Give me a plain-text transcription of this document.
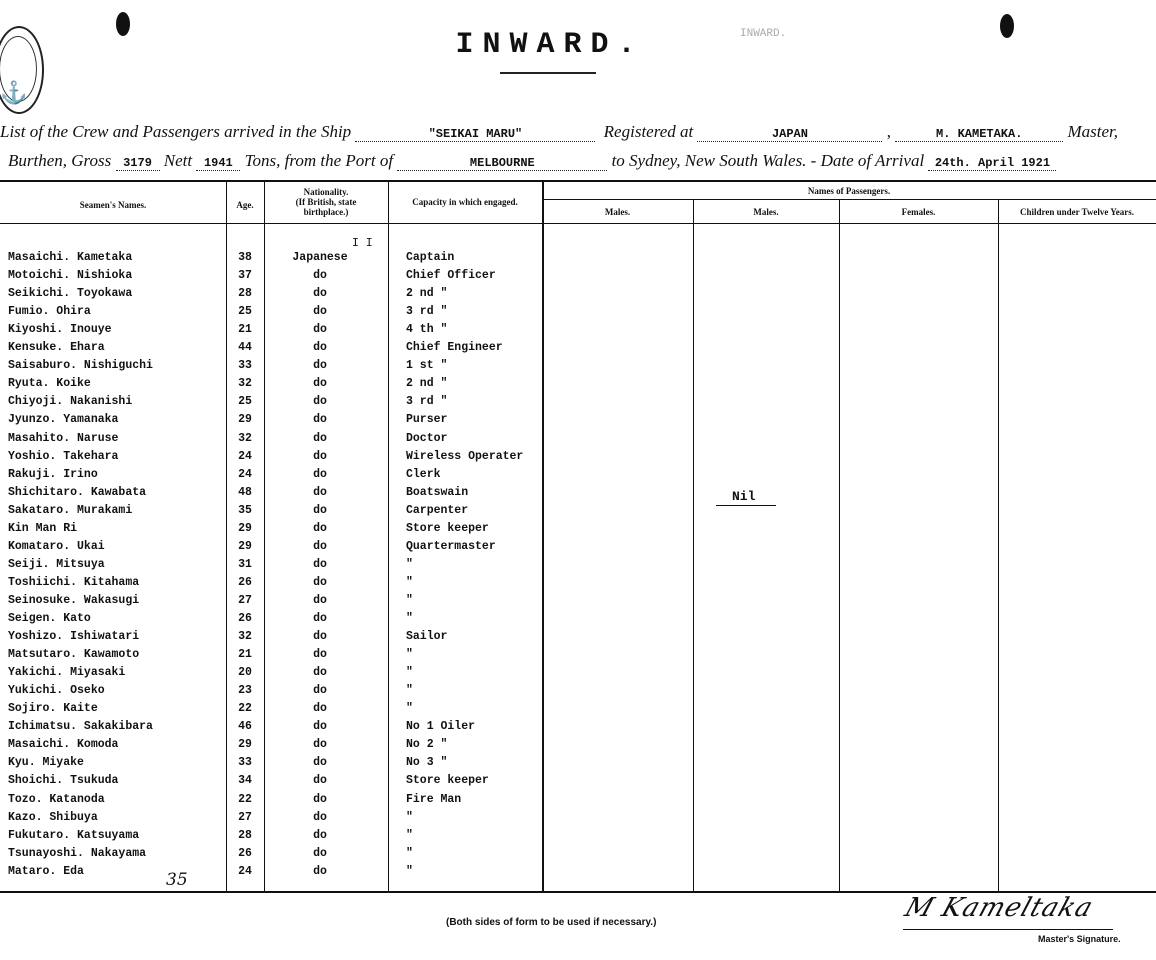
⚓
INWARD.	INWARD.
List of the Crew and Passengers arrived in the Ship	"SEIKAI MARU"	Registered at	JAPAN	,	M. KAMETAKA.	Master,
Burthen, Gross 3179 Nett 1941 Tons, from the Port of	MELBOURNE	to Sydney, New South Wales. - Date of Arrival 24th. April 1921
Seamen's Names.	Age.
Nationality.
(If British, state birthplace.)
Capacity in which engaged.
Names of Passengers.
Males.	Males.	Females.	Children under Twelve Years.
Masaichi. Kametaka	38	Japanese	Captain
Motoichi. Nishioka	37	do	Chief Officer
Seikichi. Toyokawa	28	do	2 nd "
Fumio. Ohira	25	do	3 rd "
Kiyoshi. Inouye	21	do	4 th "
Kensuke. Ehara	44	do	Chief Engineer
Saisaburo. Nishiguchi	33	do	1 st "
Ryuta. Koike	32	do	2 nd "
Chiyoji. Nakanishi	25	do	3 rd "
Jyunzo. Yamanaka	29	do	Purser
Masahito. Naruse	32	do	Doctor
Yoshio. Takehara	24	do	Wireless Operater
Rakuji. Irino	24	do	Clerk
Shichitaro. Kawabata	48	do	Boatswain
Sakataro. Murakami	35	do	Carpenter
Kin Man Ri	29	do	Store keeper
Komataro. Ukai	29	do	Quartermaster
Seiji. Mitsuya	31	do	"
Toshiichi. Kitahama	26	do	"
Seinosuke. Wakasugi	27	do	"
Seigen. Kato	26	do	"
Yoshizo. Ishiwatari	32	do	Sailor
Matsutaro. Kawamoto	21	do	"
Yakichi. Miyasaki	20	do	"
Yukichi. Oseko	23	do	"
Sojiro. Kaite	22	do	"
Ichimatsu. Sakakibara	46	do	No 1 Oiler
Masaichi. Komoda	29	do	No 2 "
Kyu. Miyake	33	do	No 3 "
Shoichi. Tsukuda	34	do	Store keeper
Tozo. Katanoda	22	do	Fire Man
Kazo. Shibuya	27	do	"
Fukutaro. Katsuyama	28	do	"
Tsunayoshi. Nakayama	26	do	"
Mataro. Eda	24	do	"
I I
35
Nil
(Both sides of form to be used if necessary.)	M Kameltaka
Master's Signature.
